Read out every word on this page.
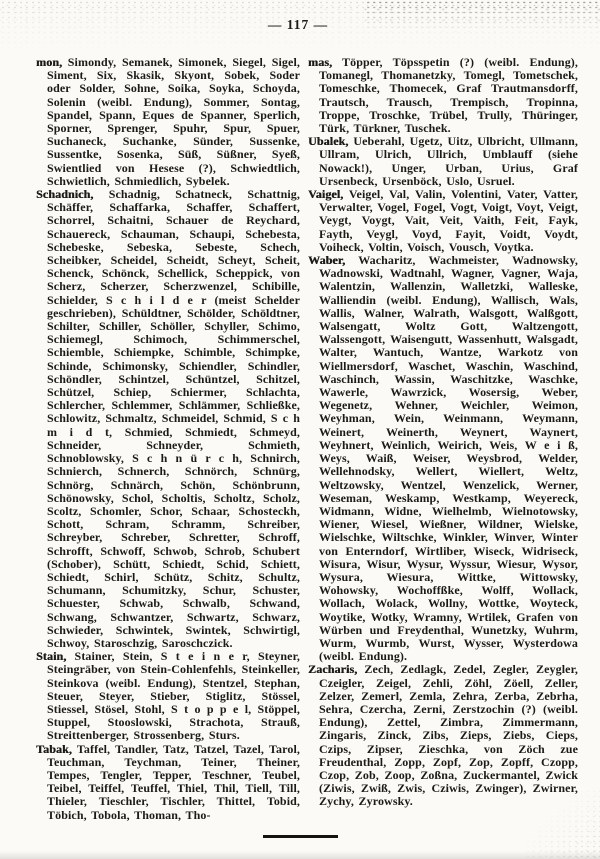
— 117 —

mon, Simondy, Semanek, Simonek, Siegel, Sigel, Siment, Six, Skasik, Skyont, Sobek, Soder oder Solder, Sohne, Soika, Soyka, Schoyda, Solenin (weibl. Endung), Sommer, Sontag, Spandel, Spann, Eques de Spanner, Sperlich, Sporner, Sprenger, Spuhr, Spur, Spuer, Suchaneck, Suchanke, Sünder, Sussenke, Sussentke, Sosenka, Süß, Süßner, Syeß, Swientlied von Hesese (?), Schwiedtlich, Schwietlich, Schmiedlich, Sybelek.

Schadnich, Schadnig, Schatneck, Schattnig, Schäffer, Schaffarka, Schaffer, Schaffert, Schorrel, Schaitni, Schauer de Reychard, Schauereck, Schauman, Schaupi, Schebesta, Schebeske, Sebeska, Sebeste, Schech, Scheibker, Scheidel, Scheidt, Scheyt, Scheit, Schenck, Schönck, Schellick, Scheppick, von Scherz, Scherzer, Scherzwenzel, Schibille, Schielder, S c h i l d e r (meist Schelder geschrieben), Schüldtner, Schölder, Schöldtner, Schilter, Schiller, Schöller, Schyller, Schimo, Schiemegl, Schimoch, Schimmerschel, Schiemble, Schiempke, Schimble, Schimpke, Schinde, Schimonsky, Schiendler, Schindler, Schöndler, Schintzel, Schüntzel, Schitzel, Schützel, Schiep, Schiermer, Schlachta, Schlercher, Schlemmer, Schlämmer, Schließke, Schlowitz, Schmaltz, Schmeidel, Schmid, S c h m i d t, Schmied, Schmiedt, Schmeyd, Schneider, Schneyder, Schmieth, Schnoblowsky, S c h n ü r c h, Schnirch, Schnierch, Schnerch, Schnörch, Schnürg, Schnörg, Schnärch, Schön, Schönbrunn, Schönowsky, Schol, Scholtis, Scholtz, Scholz, Scoltz, Schomler, Schor, Schaar, Schosteckh, Schott, Schram, Schramm, Schreiber, Schreyber, Schreber, Schretter, Schroff, Schrofft, Schwoff, Schwob, Schrob, Schubert (Schober), Schütt, Schiedt, Schid, Schiett, Schiedt, Schirl, Schütz, Schitz, Schultz, Schumann, Schumitzky, Schur, Schuster, Schuester, Schwab, Schwalb, Schwand, Schwang, Schwantzer, Schwartz, Schwarz, Schwieder, Schwintek, Swintek, Schwirtigl, Schwoy, Staroschzig, Saroschczick.

Stain, Stainer, Stein, S t e i n e r, Steyner, Steingräber, von Stein-Cohlenfehls, Steinkeller, Steinkova (weibl. Endung), Stentzel, Stephan, Steuer, Steyer, Stieber, Stiglitz, Stössel, Stiessel, Stösel, Stohl, S t o p p e l, Stöppel, Stuppel, Stooslowski, Strachota, Strauß, Streittenberger, Strossenberg, Sturs.

Tabak, Taffel, Tandler, Tatz, Tatzel, Tazel, Tarol, Teuchman, Teychman, Teiner, Theiner, Tempes, Tengler, Tepper, Teschner, Teubel, Teibel, Teiffel, Teuffel, Thiel, Thil, Tiell, Till, Thieler, Tieschler, Tischler, Thittel, Tobid, Töbich, Tobola, Thoman, Tho-

mas, Töpper, Töpsspetin (?) (weibl. Endung), Tomanegl, Thomanetzky, Tomegl, Tometschek, Tomeschke, Thomecek, Graf Trautmansdorff, Trautsch, Trausch, Trempisch, Tropinna, Troppe, Troschke, Trübel, Trully, Thüringer, Türk, Türkner, Tuschek.

Ubalek, Ueberahl, Ugetz, Uitz, Ulbricht, Ullmann, Ullram, Ulrich, Ullrich, Umblauff (siehe Nowack!), Unger, Urban, Urius, Graf Ursenbeck, Ursenböck, Uslo, Usruel.

Vaigel, Veigel, Val, Valin, Volentini, Vater, Vatter, Verwalter, Vogel, Fogel, Vogt, Voigt, Voyt, Veigt, Veygt, Voygt, Vait, Veit, Vaith, Feit, Fayk, Fayth, Veygl, Voyd, Fayit, Voidt, Voydt, Voiheck, Voltin, Voisch, Vousch, Voytka.

Waber, Wacharitz, Wachmeister, Wadnowsky, Wadnowski, Wadtnahl, Wagner, Vagner, Waja, Walentzin, Wallenzin, Walletzki, Walleske, Walliendin (weibl. Endung), Wallisch, Wals, Wallis, Walner, Walrath, Walsgott, Walßgott, Walsengatt, Woltz Gott, Waltzengott, Walssengott, Waisengutt, Wassenhutt, Walsgadt, Walter, Wantuch, Wantze, Warkotz von Wiellmersdorf, Waschet, Waschin, Waschind, Waschinch, Wassin, Waschitzke, Waschke, Wawerle, Wawrzick, Wosersig, Weber, Wegenetz, Wehner, Weichler, Weimon, Weyhman, Wein, Weinmann, Weymann, Weinert, Weinerth, Weynert, Waynert, Weyhnert, Weinlich, Weirich, Weis, W e i ß, Weys, Waiß, Weiser, Weysbrod, Welder, Wellehnodsky, Wellert, Wiellert, Weltz, Weltzowsky, Wentzel, Wenzelick, Werner, Weseman, Weskamp, Westkamp, Weyereck, Widmann, Widne, Wielhelmb, Wielnotowsky, Wiener, Wiesel, Wießner, Wildner, Wielske, Wielschke, Wiltschke, Winkler, Winver, Winter von Enterndorf, Wirtliber, Wiseck, Widriseck, Wisura, Wisur, Wysur, Wyssur, Wiesur, Wysor, Wysura, Wiesura, Wittke, Wittowsky, Wohowsky, Wochoffßke, Wolff, Wollack, Wollach, Wolack, Wollny, Wottke, Woyteck, Woytike, Wotky, Wramny, Wrtilek, Grafen von Würben und Freydenthal, Wunetzky, Wuhrm, Wurm, Wurmb, Wurst, Wysser, Wysterdowa (weibl. Endung).

Zacharis, Zech, Zedlagk, Zedel, Zegler, Zeygler, Czeigler, Zeigel, Zehli, Zöhl, Zöell, Zeller, Zelzer, Zemerl, Zemla, Zehra, Zerba, Zebrha, Sehra, Czercha, Zerni, Zerstzochin (?) (weibl. Endung), Zettel, Zimbra, Zimmermann, Zingaris, Zinck, Zibs, Zieps, Ziebs, Cieps, Czips, Zipser, Zieschka, von Zöch zue Freudenthal, Zopp, Zopf, Zop, Zopff, Czopp, Czop, Zob, Zoop, Zoßna, Zuckermantel, Zwick (Ziwis, Zwiß, Zwis, Cziwis, Zwinger), Zwirner, Zychy, Zyrowsky.
